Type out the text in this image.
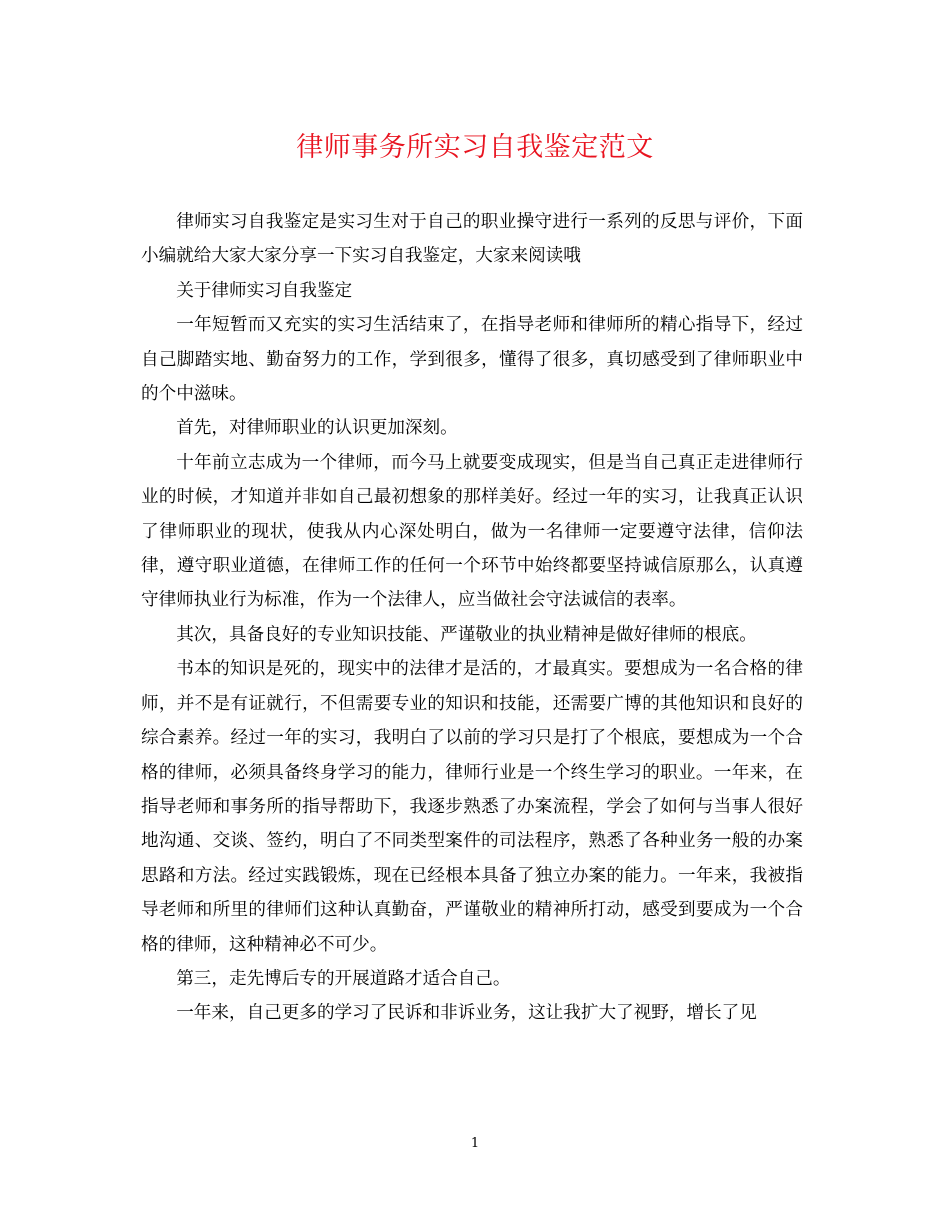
律师事务所实习自我鉴定范文

律师实习自我鉴定是实习生对于自己的职业操守进行一系列的反思与评价，下面小编就给大家大家分享一下实习自我鉴定，大家来阅读哦

关于律师实习自我鉴定

一年短暂而又充实的实习生活结束了，在指导老师和律师所的精心指导下，经过自己脚踏实地、勤奋努力的工作，学到很多，懂得了很多，真切感受到了律师职业中的个中滋味。

首先，对律师职业的认识更加深刻。

十年前立志成为一个律师，而今马上就要变成现实，但是当自己真正走进律师行业的时候，才知道并非如自己最初想象的那样美好。经过一年的实习，让我真正认识了律师职业的现状，使我从内心深处明白，做为一名律师一定要遵守法律，信仰法律，遵守职业道德，在律师工作的任何一个环节中始终都要坚持诚信原那么，认真遵守律师执业行为标准，作为一个法律人，应当做社会守法诚信的表率。

其次，具备良好的专业知识技能、严谨敬业的执业精神是做好律师的根底。

书本的知识是死的，现实中的法律才是活的，才最真实。要想成为一名合格的律师，并不是有证就行，不但需要专业的知识和技能，还需要广博的其他知识和良好的综合素养。经过一年的实习，我明白了以前的学习只是打了个根底，要想成为一个合格的律师，必须具备终身学习的能力，律师行业是一个终生学习的职业。一年来，在指导老师和事务所的指导帮助下，我逐步熟悉了办案流程，学会了如何与当事人很好地沟通、交谈、签约，明白了不同类型案件的司法程序，熟悉了各种业务一般的办案思路和方法。经过实践锻炼，现在已经根本具备了独立办案的能力。一年来，我被指导老师和所里的律师们这种认真勤奋，严谨敬业的精神所打动，感受到要成为一个合格的律师，这种精神必不可少。

第三，走先博后专的开展道路才适合自己。

一年来，自己更多的学习了民诉和非诉业务，这让我扩大了视野，增长了见

1
